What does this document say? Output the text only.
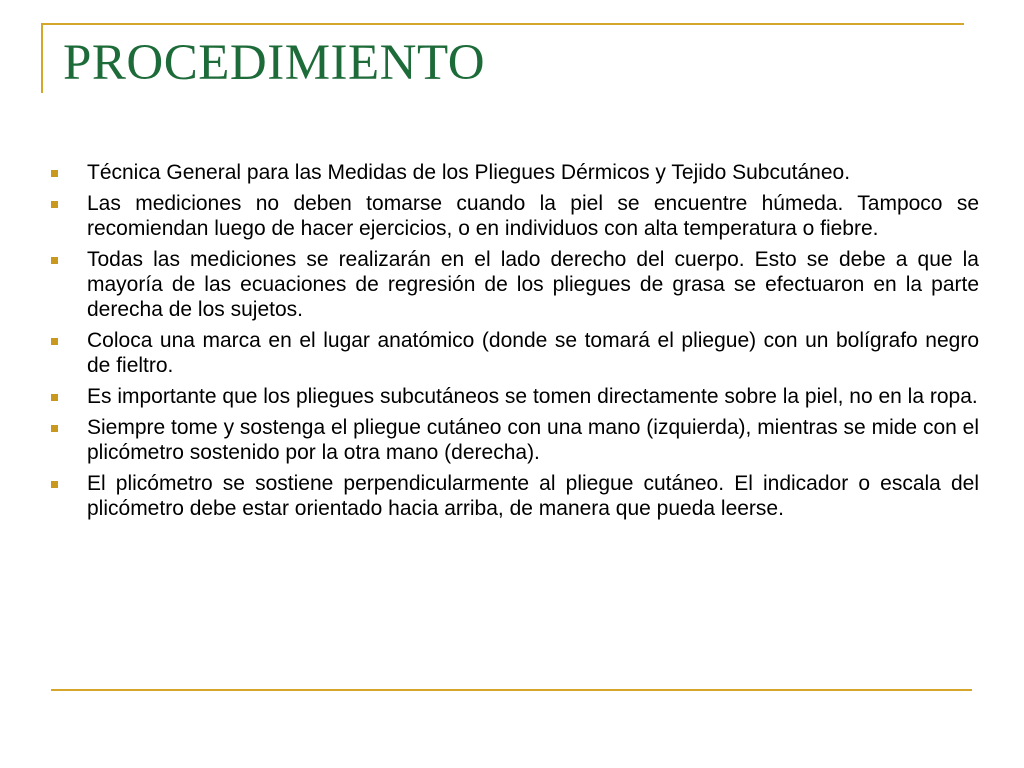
PROCEDIMIENTO
Técnica General para las Medidas de los Pliegues Dérmicos y Tejido Subcutáneo.
Las mediciones no deben tomarse cuando la piel se encuentre húmeda. Tampoco se recomiendan luego de hacer ejercicios, o en individuos con alta temperatura o fiebre.
Todas las mediciones se realizarán en el lado derecho del cuerpo. Esto se debe a que la mayoría de las ecuaciones de regresión de los pliegues de grasa se efectuaron en la parte derecha de los sujetos.
Coloca una marca en el lugar anatómico (donde se tomará el pliegue) con un bolígrafo negro de fieltro.
Es importante que los pliegues subcutáneos se tomen directamente sobre la piel, no en la ropa.
Siempre tome y sostenga el pliegue cutáneo con una mano (izquierda), mientras se mide con el plicómetro sostenido por la otra mano (derecha).
El plicómetro se sostiene perpendicularmente al pliegue cutáneo. El indicador o escala del plicómetro debe estar orientado hacia arriba, de manera que pueda leerse.
